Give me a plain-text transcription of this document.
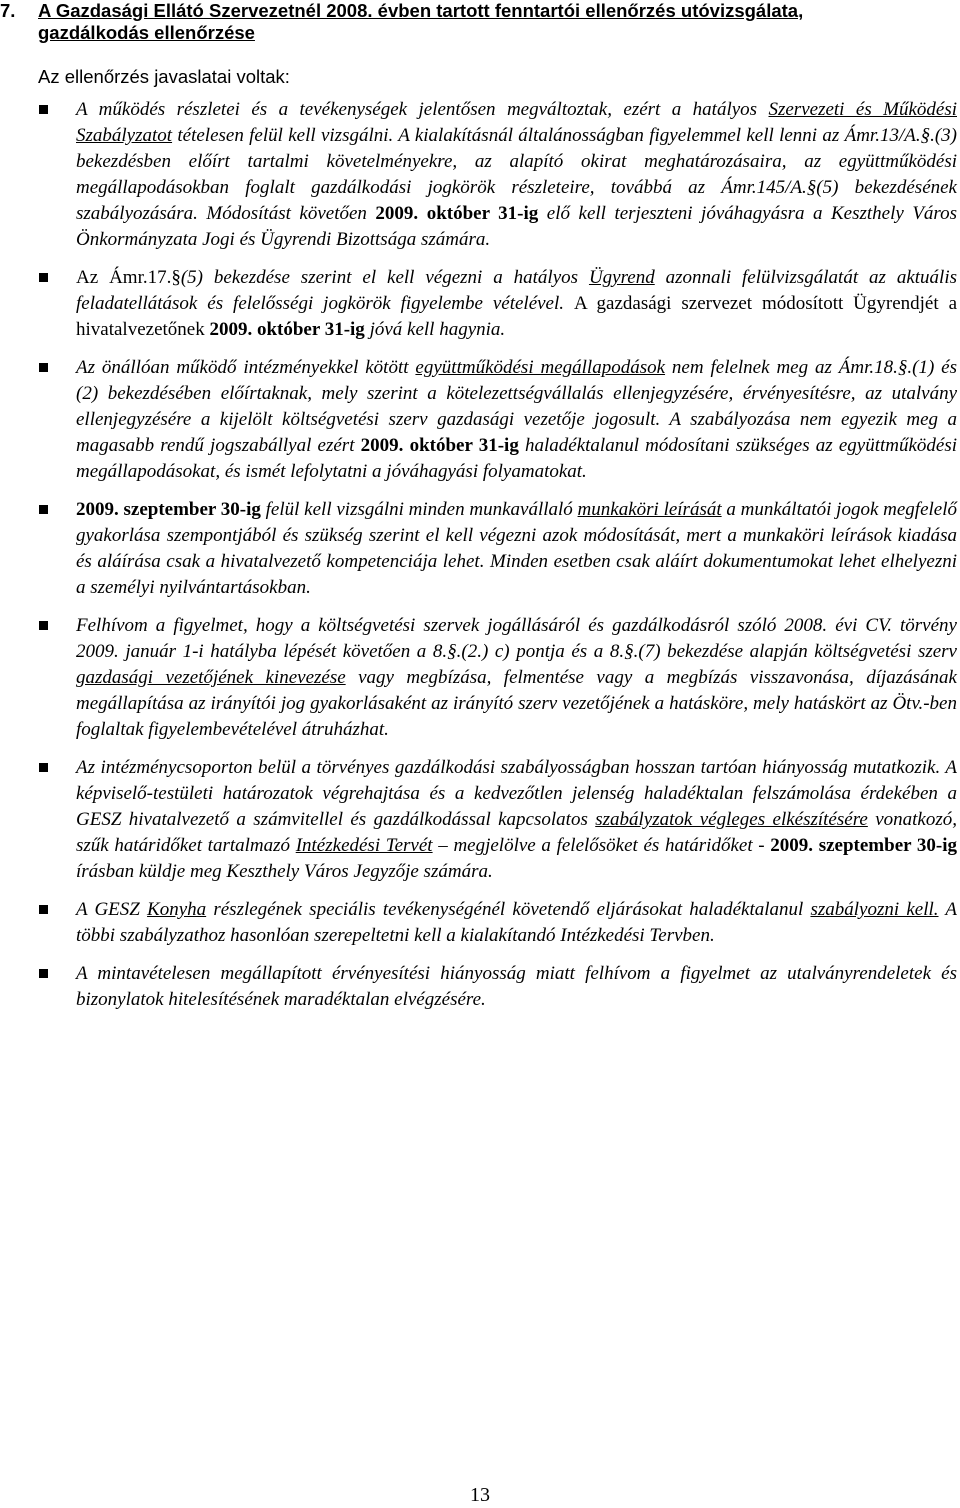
7. A Gazdasági Ellátó Szervezetnél 2008. évben tartott fenntartói ellenőrzés utóvizsgálata,
gazdálkodás ellenőrzése
Az ellenőrzés javaslatai voltak:
A működés részletei és a tevékenységek jelentősen megváltoztak, ezért a hatályos Szervezeti és Működési Szabályzatot tételesen felül kell vizsgálni. A kialakításnál általánosságban figyelemmel kell lenni az Ámr.13/A.§.(3) bekezdésben előírt tartalmi követelményekre, az alapító okirat meghatározásaira, az együttműködési megállapodásokban foglalt gazdálkodási jogkörök részleteire, továbbá az Ámr.145/A.§(5) bekezdésének szabályozására. Módosítást követően 2009. október 31-ig elő kell terjeszteni jóváhagyásra a Keszthely Város Önkormányzata Jogi és Ügyrendi Bizottsága számára.
Az Ámr.17.§(5) bekezdése szerint el kell végezni a hatályos Ügyrend azonnali felülvizsgálatát az aktuális feladatellátások és felelősségi jogkörök figyelembe vételével. A gazdasági szervezet módosított Ügyrendjét a hivatalvezetőnek 2009. október 31-ig jóvá kell hagynia.
Az önállóan működő intézményekkel kötött együttműködési megállapodások nem felelnek meg az Ámr.18.§.(1) és (2) bekezdésében előírtaknak, mely szerint a kötelezettségvállalás ellenjegyzésére, érvényesítésre, az utalvány ellenjegyzésére a kijelölt költségvetési szerv gazdasági vezetője jogosult. A szabályozása nem egyezik meg a magasabb rendű jogszabállyal ezért 2009. október 31-ig haladéktalanul módosítani szükséges az együttműködési megállapodásokat, és ismét lefolytatni a jóváhagyási folyamatokat.
2009. szeptember 30-ig felül kell vizsgálni minden munkavállaló munkaköri leírását a munkáltatói jogok megfelelő gyakorlása szempontjából és szükség szerint el kell végezni azok módosítását, mert a munkaköri leírások kiadása és aláírása csak a hivatalvezető kompetenciája lehet. Minden esetben csak aláírt dokumentumokat lehet elhelyezni a személyi nyilvántartásokban.
Felhívom a figyelmet, hogy a költségvetési szervek jogállásáról és gazdálkodásról szóló 2008. évi CV. törvény 2009. január 1-i hatályba lépését követően a 8.§.(2.) c) pontja és a 8.§.(7) bekezdése alapján költségvetési szerv gazdasági vezetőjének kinevezése vagy megbízása, felmentése vagy a megbízás visszavonása, díjazásának megállapítása az irányítói jog gyakorlásaként az irányító szerv vezetőjének a hatásköre, mely hatáskört az Ötv.-ben foglaltak figyelembevételével átruházhat.
Az intézménycsoporton belül a törvényes gazdálkodási szabályosságban hosszan tartóan hiányosság mutatkozik. A képviselő-testületi határozatok végrehajtása és a kedvezőtlen jelenség haladéktalan felszámolása érdekében a GESZ hivatalvezető a számvitellel és gazdálkodással kapcsolatos szabályzatok végleges elkészítésére vonatkozó, szűk határidőket tartalmazó Intézkedési Tervét – megjelölve a felelősöket és határidőket - 2009. szeptember 30-ig írásban küldje meg Keszthely Város Jegyzője számára.
A GESZ Konyha részlegének speciális tevékenységénél követendő eljárásokat haladéktalanul szabályozni kell. A többi szabályzathoz hasonlóan szerepeltetni kell a kialakítandó Intézkedési Tervben.
A mintavételesen megállapított érvényesítési hiányosság miatt felhívom a figyelmet az utalványrendeletek és bizonylatok hitelesítésének maradéktalan elvégzésére.
13
